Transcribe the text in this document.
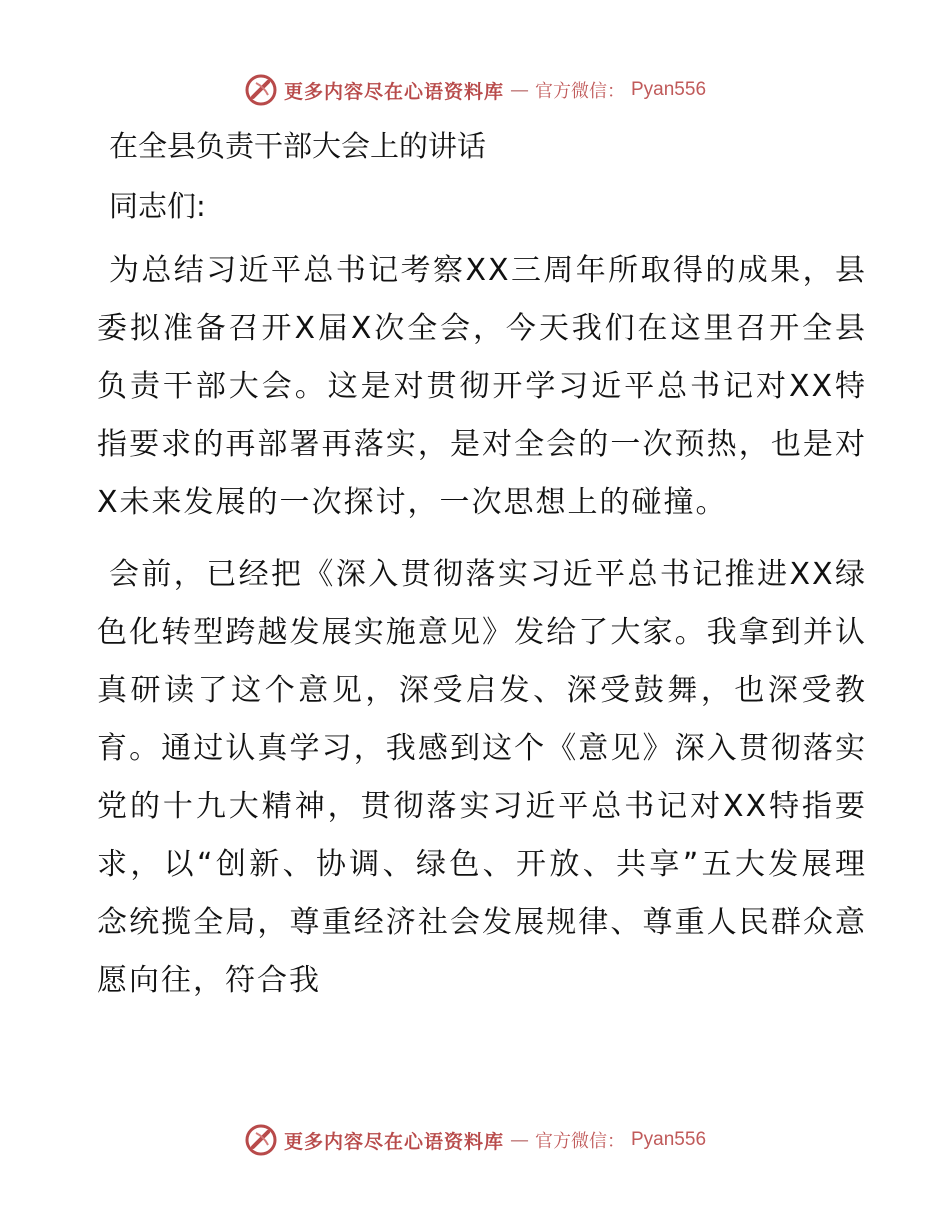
更多内容尽在心语资料库 — 官方微信： Pyan556
在全县负责干部大会上的讲话

同志们:

为总结习近平总书记考察XX三周年所取得的成果，县委拟准备召开X届X次全会，今天我们在这里召开全县负责干部大会。这是对贯彻开学习近平总书记对XX特指要求的再部署再落实，是对全会的一次预热，也是对X未来发展的一次探讨，一次思想上的碰撞。

会前，已经把《深入贯彻落实习近平总书记推进XX绿色化转型跨越发展实施意见》发给了大家。我拿到并认真研读了这个意见，深受启发、深受鼓舞，也深受教育。通过认真学习，我感到这个《意见》深入贯彻落实党的十九大精神，贯彻落实习近平总书记对XX特指要求，以“创新、协调、绿色、开放、共享”五大发展理念统揽全局，尊重经济社会发展规律、尊重人民群众意愿向往，符合我

更多内容尽在心语资料库 — 官方微信： Pyan556
